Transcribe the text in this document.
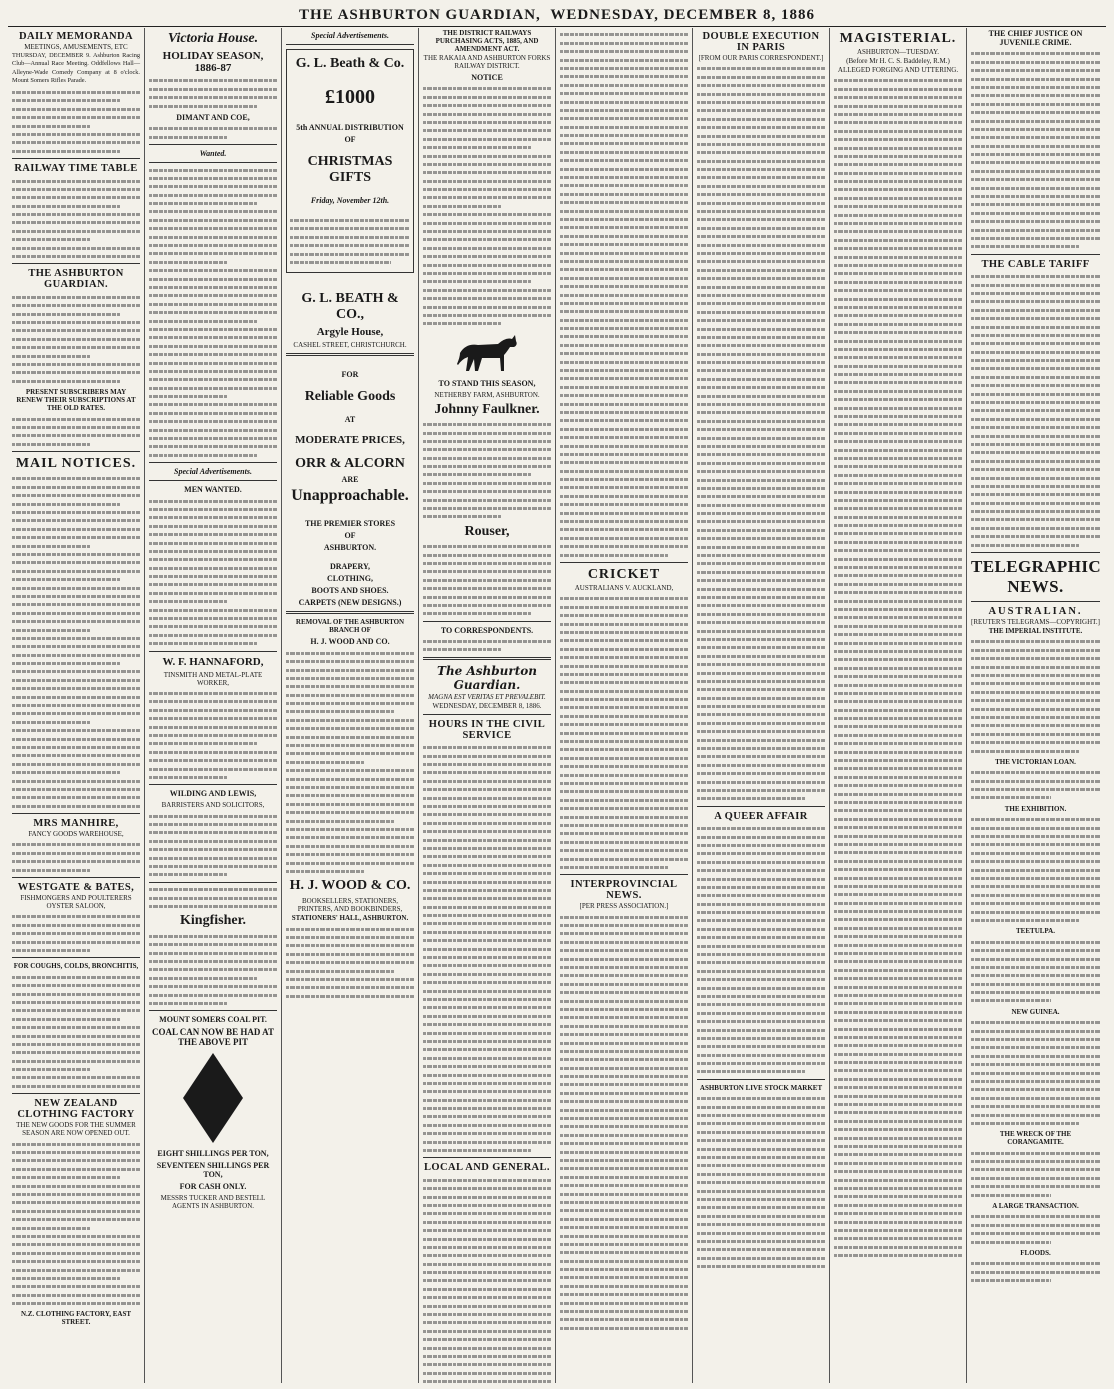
THE ASHBURTON GUARDIAN,
WEDNESDAY, DECEMBER 8, 1886
DAILY MEMORANDA
MEETINGS, AMUSEMENTS, ETC
THURSDAY, DECEMBER 9. Ashburton Racing Club—Annual Race Meeting. Oddfellows Hall—Alleyne-Wade Comedy Company at 8 o'clock. Mount Somers Rifles Parade.
RAILWAY TIME TABLE
THE ASHBURTON GUARDIAN.
PRESENT SUBSCRIBERS MAY RENEW THEIR SUBSCRIPTIONS AT THE OLD RATES.
MAIL NOTICES.
MRS MANHIRE,
FANCY GOODS WAREHOUSE,
WESTGATE & BATES,
FISHMONGERS AND POULTERERS OYSTER SALOON,
FOR COUGHS, COLDS, BRONCHITIS,
NEW ZEALAND CLOTHING FACTORY
THE NEW GOODS FOR THE SUMMER SEASON ARE NOW OPENED OUT.
N.Z. CLOTHING FACTORY, EAST STREET.
Victoria House.
HOLIDAY SEASON, 1886-87
DIMANT AND COE,
Wanted.
Special Advertisements.
MEN WANTED.
W. F. HANNAFORD,
TINSMITH AND METAL-PLATE WORKER,
WILDING AND LEWIS,
BARRISTERS AND SOLICITORS,
Kingfisher.
MOUNT SOMERS COAL PIT.
COAL CAN NOW BE HAD AT THE ABOVE PIT
EIGHT SHILLINGS PER TON,
SEVENTEEN SHILLINGS PER TON,
FOR CASH ONLY.
MESSRS TUCKER AND BESTELL AGENTS IN ASHBURTON.
Special Advertisements.
G. L. Beath & Co.
£1000
5th ANNUAL DISTRIBUTION
OF
CHRISTMAS GIFTS
Friday, November 12th.
G. L. BEATH & CO.,
Argyle House,
CASHEL STREET, CHRISTCHURCH.
FOR
Reliable Goods
AT
MODERATE PRICES,
ORR & ALCORN
ARE
Unapproachable.
THE PREMIER STORES
OF
ASHBURTON.
DRAPERY,
CLOTHING,
BOOTS AND SHOES.
CARPETS (NEW DESIGNS.)
REMOVAL OF THE ASHBURTON BRANCH OF
H. J. WOOD AND CO.
H. J. WOOD & CO.
BOOKSELLERS, STATIONERS, PRINTERS, AND BOOKBINDERS,
STATIONERS' HALL, ASHBURTON.
THE DISTRICT RAILWAYS PURCHASING ACTS, 1885, AND AMENDMENT ACT.
THE RAKAIA AND ASHBURTON FORKS RAILWAY DISTRICT.
NOTICE
TO STAND THIS SEASON,
NETHERBY FARM, ASHBURTON.
Johnny Faulkner.
Rouser,
TO CORRESPONDENTS.
The Ashburton Guardian.
MAGNA EST VERITAS ET PREVALEBIT.
WEDNESDAY, DECEMBER 8, 1886.
HOURS IN THE CIVIL SERVICE
LOCAL AND GENERAL.
CRICKET
AUSTRALIANS V. AUCKLAND,
INTERPROVINCIAL NEWS.
[PER PRESS ASSOCIATION.]
DOUBLE EXECUTION IN PARIS
[FROM OUR PARIS CORRESPONDENT.]
A QUEER AFFAIR
ASHBURTON LIVE STOCK MARKET
MAGISTERIAL.
ASHBURTON—TUESDAY.
(Before Mr H. C. S. Baddeley, R.M.)
ALLEGED FORGING AND UTTERING.
THE CHIEF JUSTICE ON JUVENILE CRIME.
THE CABLE TARIFF
TELEGRAPHIC NEWS.
AUSTRALIAN.
[REUTER'S TELEGRAMS—COPYRIGHT.]
THE IMPERIAL INSTITUTE.
THE VICTORIAN LOAN.
THE EXHIBITION.
TEETULPA.
NEW GUINEA.
THE WRECK OF THE CORANGAMITE.
A LARGE TRANSACTION.
FLOODS.
